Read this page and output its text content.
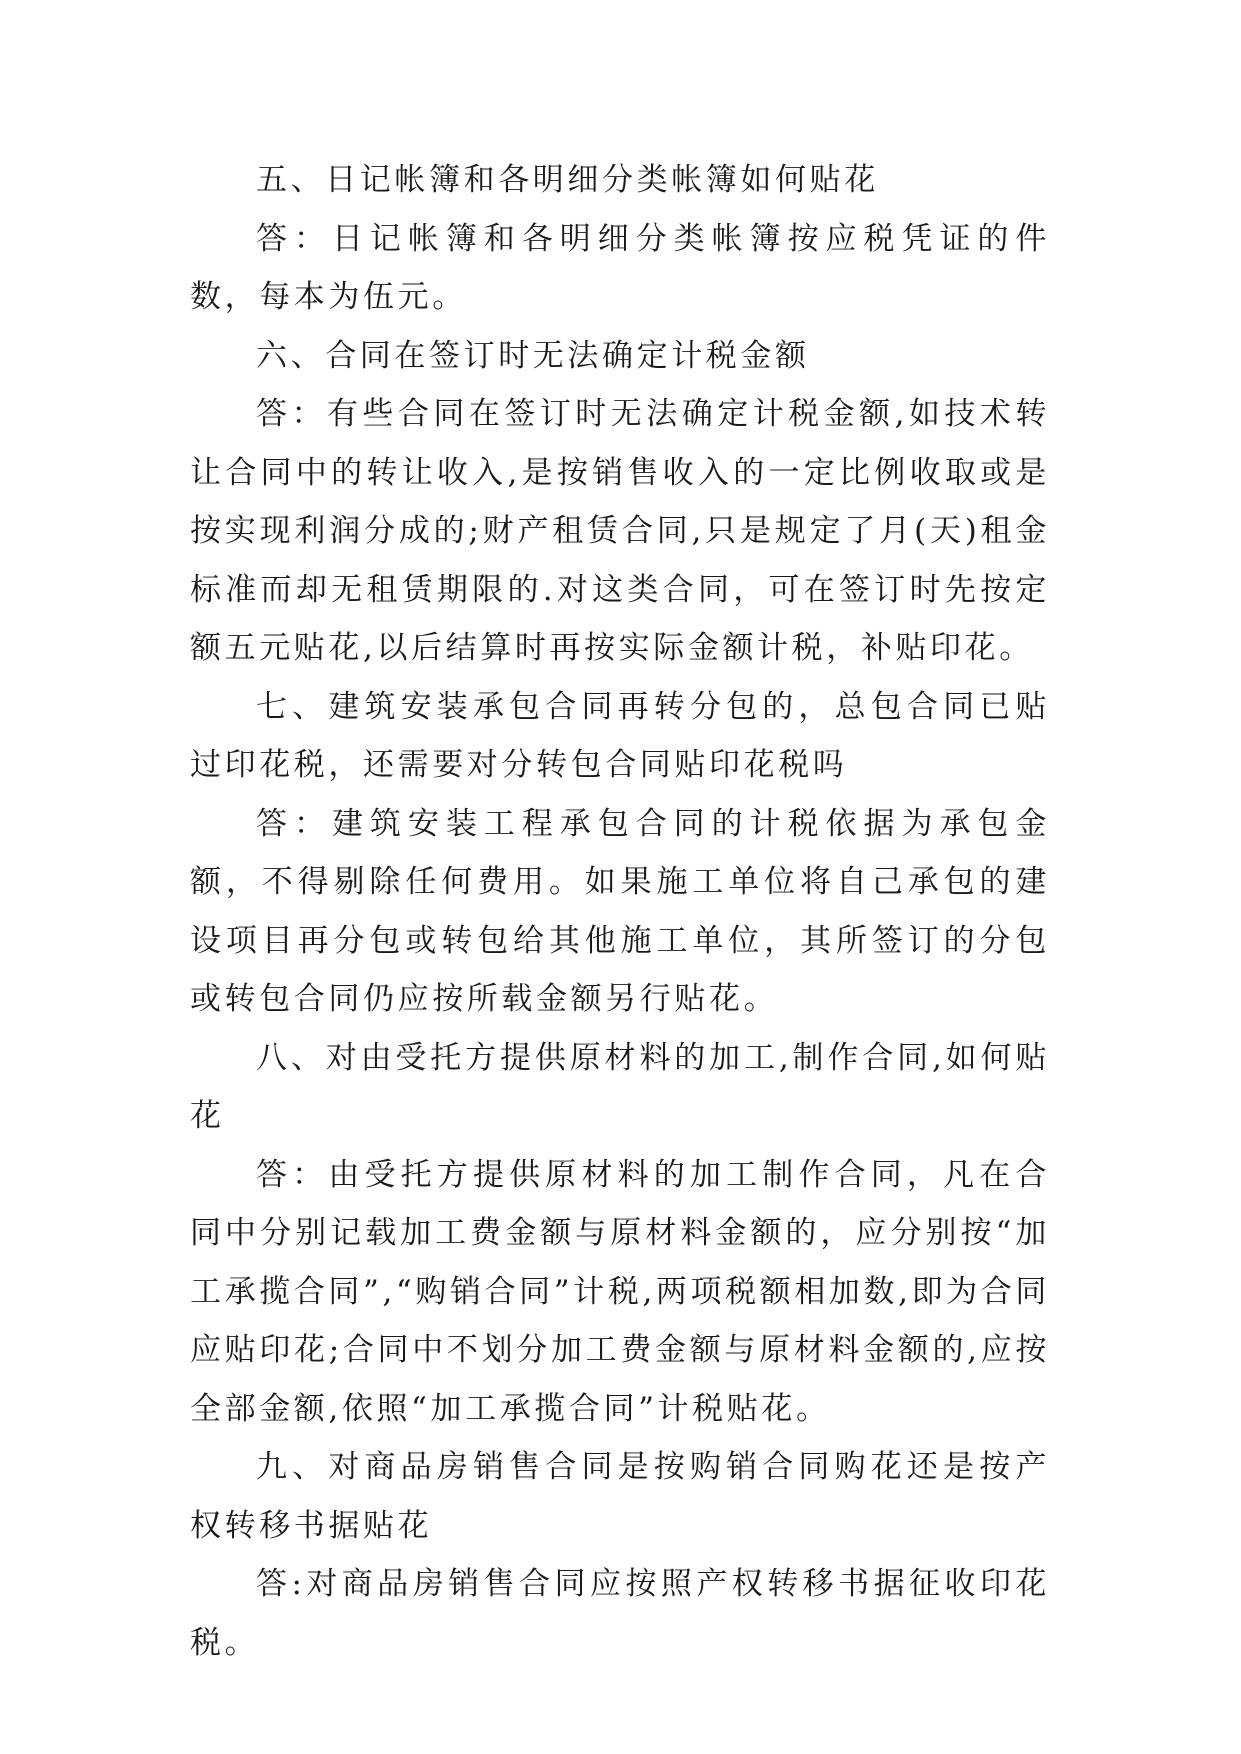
五、日记帐簿和各明细分类帐簿如何贴花

答：日记帐簿和各明细分类帐簿按应税凭证的件数，每本为伍元。

六、合同在签订时无法确定计税金额

答：有些合同在签订时无法确定计税金额,如技术转让合同中的转让收入,是按销售收入的一定比例收取或是按实现利润分成的;财产租赁合同,只是规定了月(天)租金标准而却无租赁期限的.对这类合同，可在签订时先按定额五元贴花,以后结算时再按实际金额计税，补贴印花。

七、建筑安装承包合同再转分包的，总包合同已贴过印花税，还需要对分转包合同贴印花税吗

答：建筑安装工程承包合同的计税依据为承包金额，不得剔除任何费用。如果施工单位将自己承包的建设项目再分包或转包给其他施工单位，其所签订的分包或转包合同仍应按所载金额另行贴花。

八、对由受托方提供原材料的加工,制作合同,如何贴花

答：由受托方提供原材料的加工制作合同，凡在合同中分别记载加工费金额与原材料金额的，应分别按“加工承揽合同”,“购销合同”计税,两项税额相加数,即为合同应贴印花;合同中不划分加工费金额与原材料金额的,应按全部金额,依照“加工承揽合同”计税贴花。

九、对商品房销售合同是按购销合同购花还是按产权转移书据贴花

答:对商品房销售合同应按照产权转移书据征收印花税。
